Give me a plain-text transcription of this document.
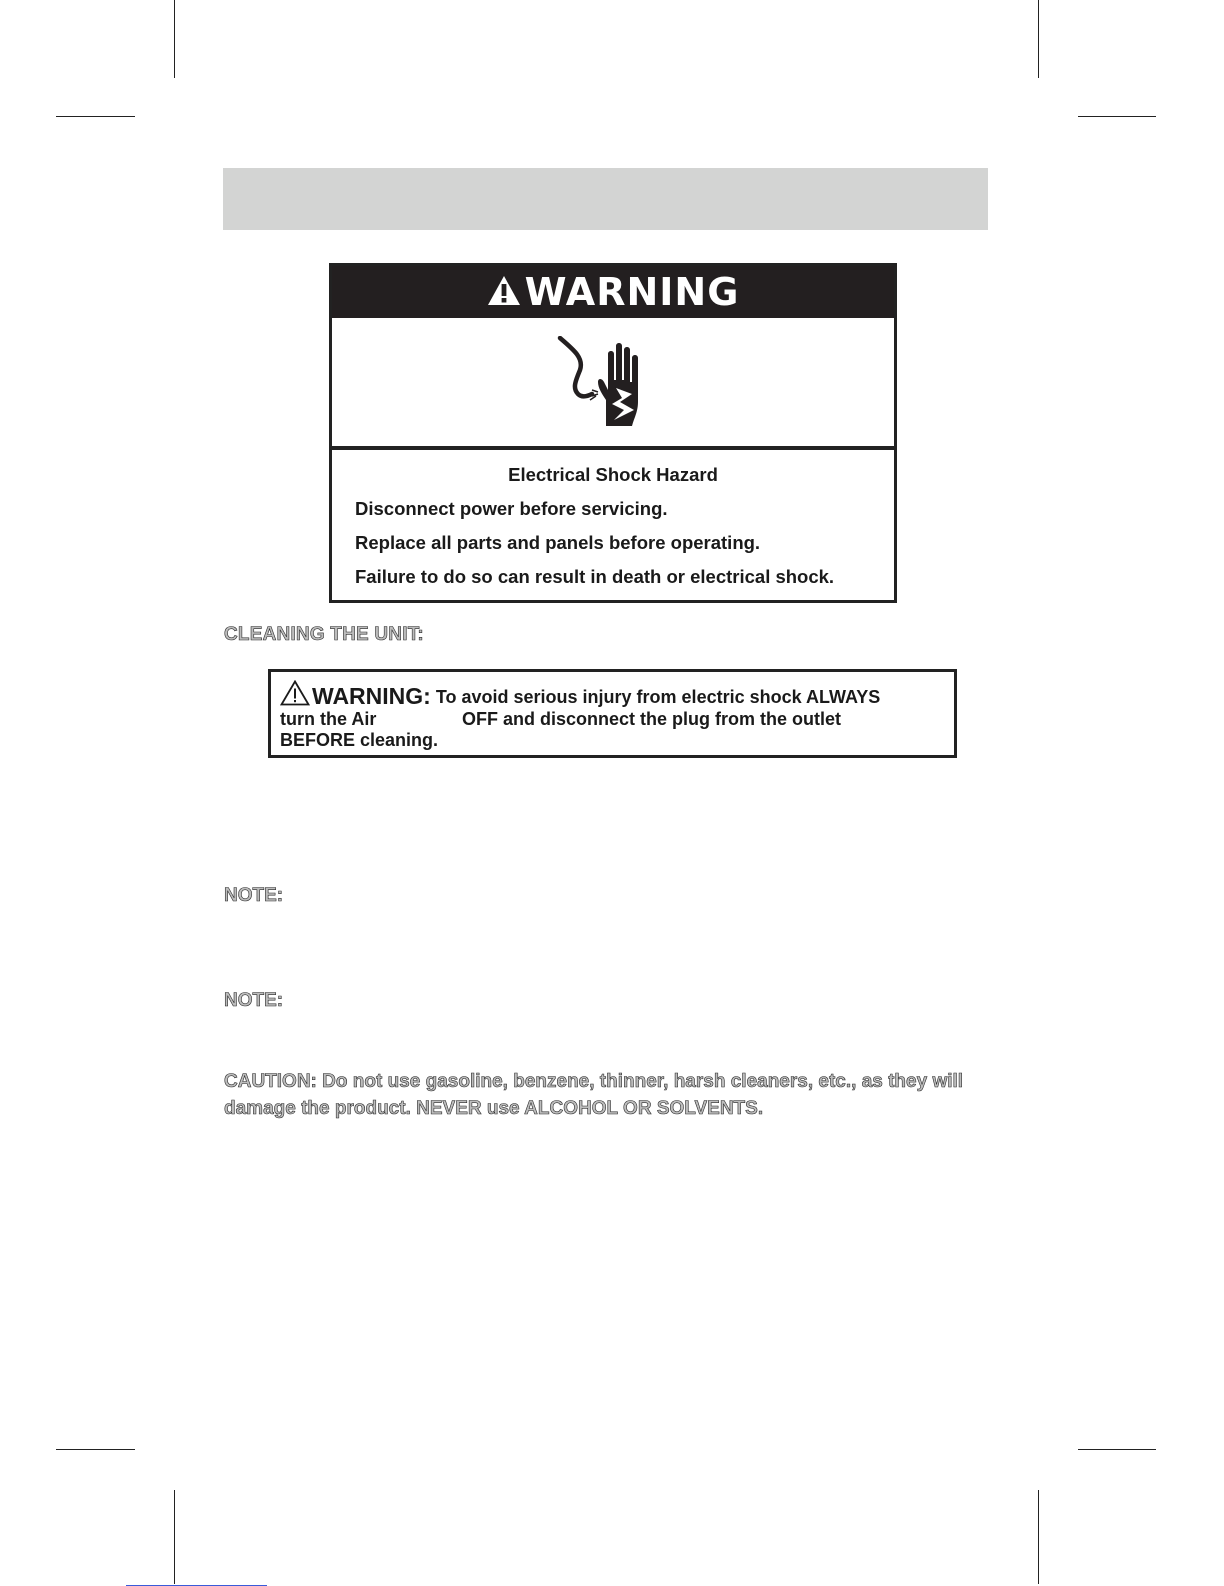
WARNING
Electrical Shock Hazard
Disconnect power before servicing.
Replace all parts and panels before operating.
Failure to do so can result in death or electrical shock.
CLEANING THE UNIT:
WARNING: To avoid serious injury from electric shock ALWAYS
turn the Air	OFF and disconnect the plug from the outlet
BEFORE cleaning.
NOTE:
NOTE:
CAUTION: Do not use gasoline, benzene, thinner, harsh cleaners, etc., as they will damage the product. NEVER use ALCOHOL OR SOLVENTS.
